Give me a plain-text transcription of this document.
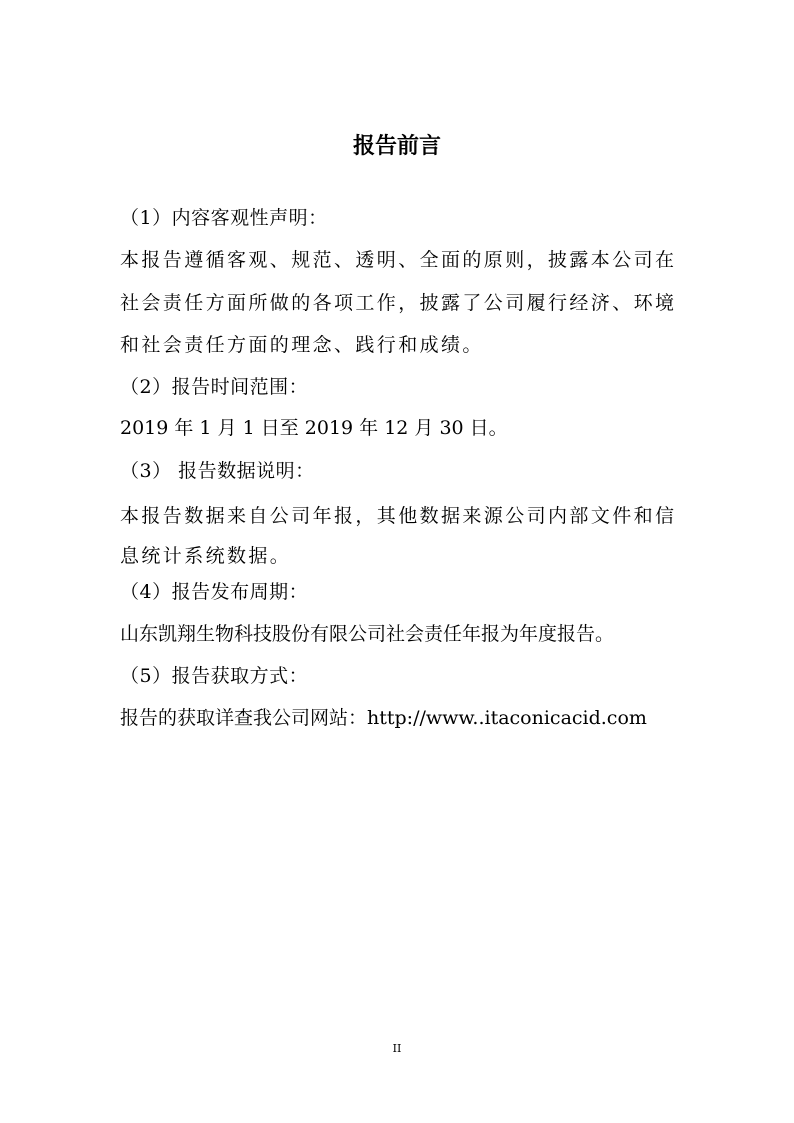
报告前言

（1）内容客观性声明：

本报告遵循客观、规范、透明、全面的原则，披露本公司在

社会责任方面所做的各项工作，披露了公司履行经济、环境

和社会责任方面的理念、践行和成绩。

（2）报告时间范围：

2019 年 1 月 1 日至 2019 年 12 月 30 日。

（3） 报告数据说明：

本报告数据来自公司年报，其他数据来源公司内部文件和信

息统计系统数据。

（4）报告发布周期：

山东凯翔生物科技股份有限公司社会责任年报为年度报告。

（5）报告获取方式：

报告的获取详查我公司网站：http://www..itaconicacid.com

II
